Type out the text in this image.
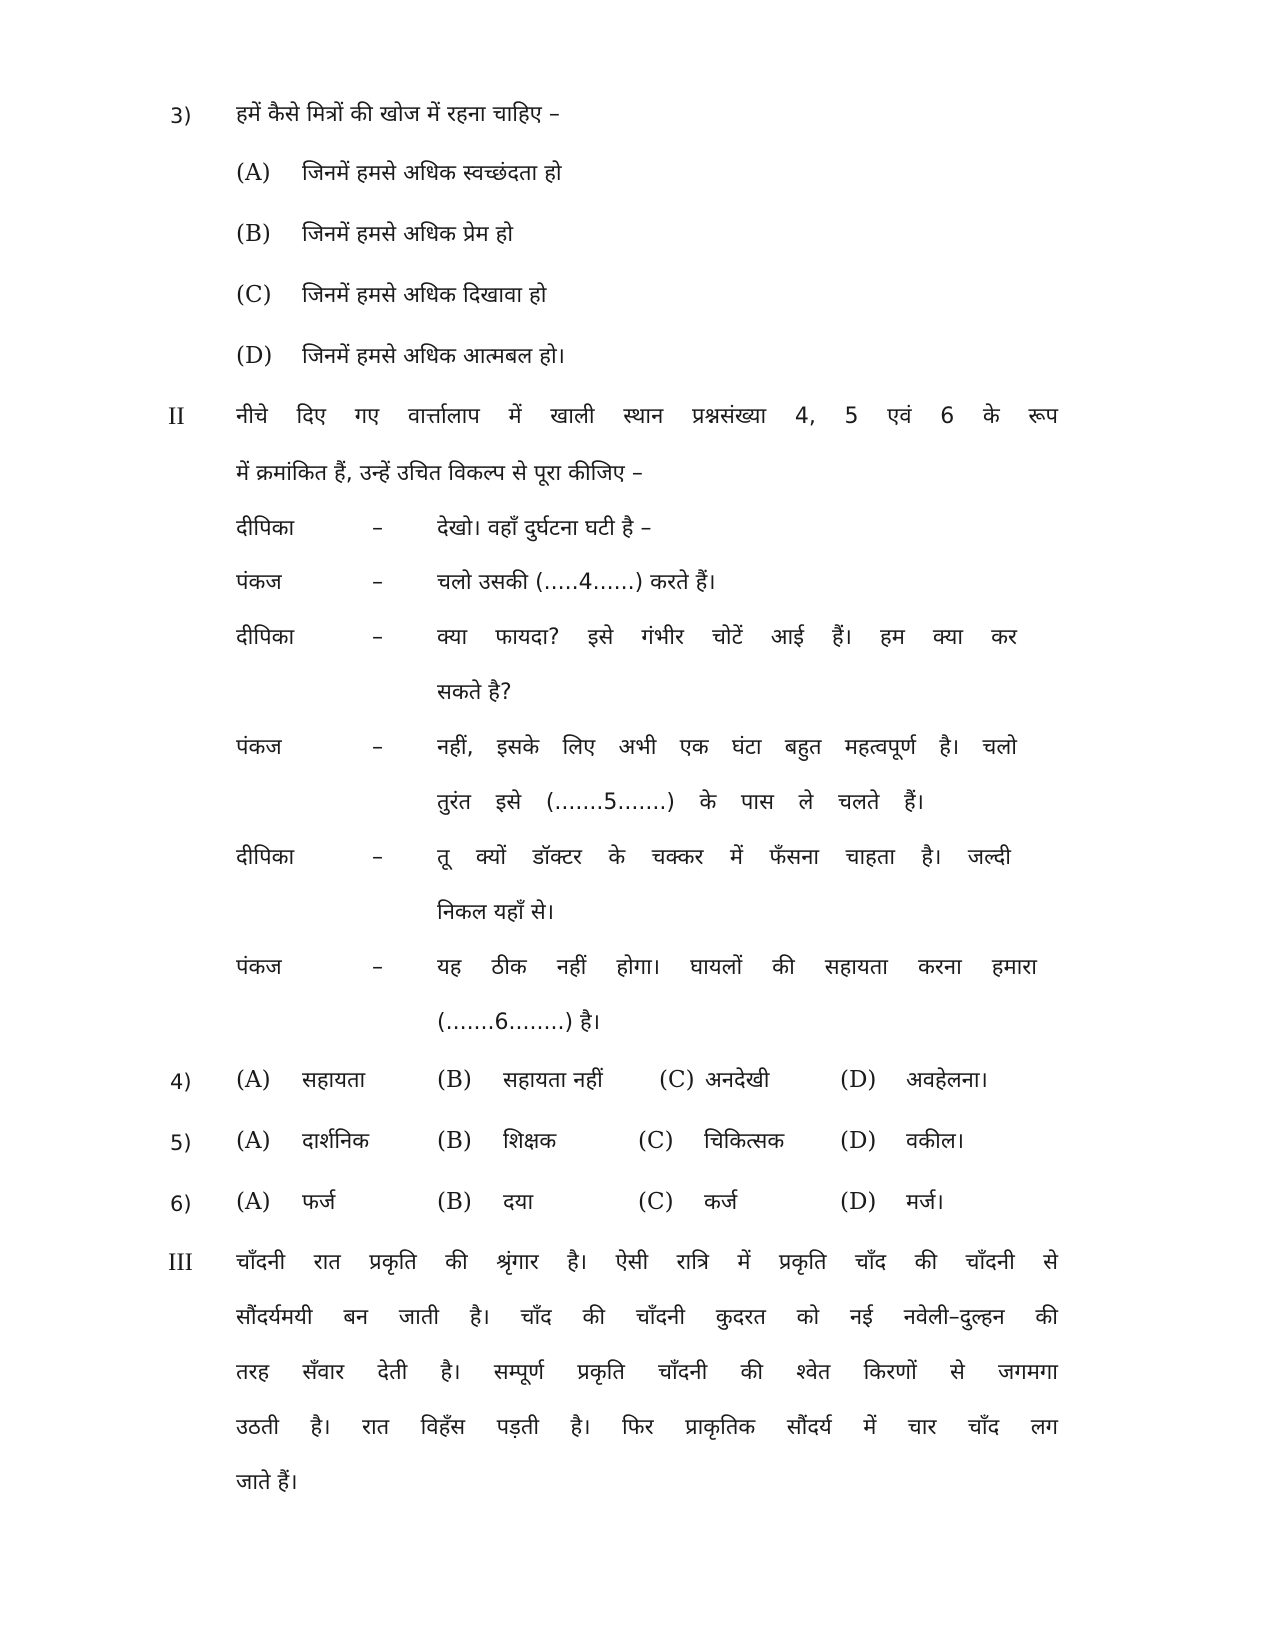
3) हमें कैसे मित्रों की खोज में रहना चाहिए –
(A) जिनमें हमसे अधिक स्वच्छंदता हो
(B) जिनमें हमसे अधिक प्रेम हो
(C) जिनमें हमसे अधिक दिखावा हो
(D) जिनमें हमसे अधिक आत्मबल हो।
II नीचे दिए गए वार्त्तालाप में खाली स्थान प्रश्नसंख्या 4, 5 एवं 6 के रूप
में क्रमांकित हैं, उन्हें उचित विकल्प से पूरा कीजिए –
दीपिका	– देखो। वहाँ दुर्घटना घटी है –
पंकज	– चलो उसकी (.....4......) करते हैं।
दीपिका	– क्या फायदा? इसे गंभीर चोटें आई हैं। हम क्या कर
सकते है?
पंकज	– नहीं, इसके लिए अभी एक घंटा बहुत महत्वपूर्ण है। चलो
तुरंत इसे (.......5.......) के पास ले चलते हैं।
दीपिका	– तू क्यों डॉक्टर के चक्कर में फँसना चाहता है। जल्दी
निकल यहाँ से।
पंकज	– यह ठीक नहीं होगा। घायलों की सहायता करना हमारा
(.......6........) है।
4) (A) सहायता	(B) सहायता नहीं (C) अनदेखी	(D) अवहेलना।
5) (A) दार्शनिक	(B) शिक्षक	(C) चिकित्सक (D) वकील।
6) (A) फर्ज	(B) दया	(C) कर्ज	(D) मर्ज।
III चाँदनी रात प्रकृति की श्रृंगार है। ऐसी रात्रि में प्रकृति चाँद की चाँदनी से
सौंदर्यमयी बन जाती है। चाँद की चाँदनी कुदरत को नई नवेली–दुल्हन की
तरह सँवार देती है। सम्पूर्ण प्रकृति चाँदनी की श्वेत किरणों से जगमगा
उठती है। रात विहँस पड़ती है। फिर प्राकृतिक सौंदर्य में चार चाँद लग
जाते हैं।
